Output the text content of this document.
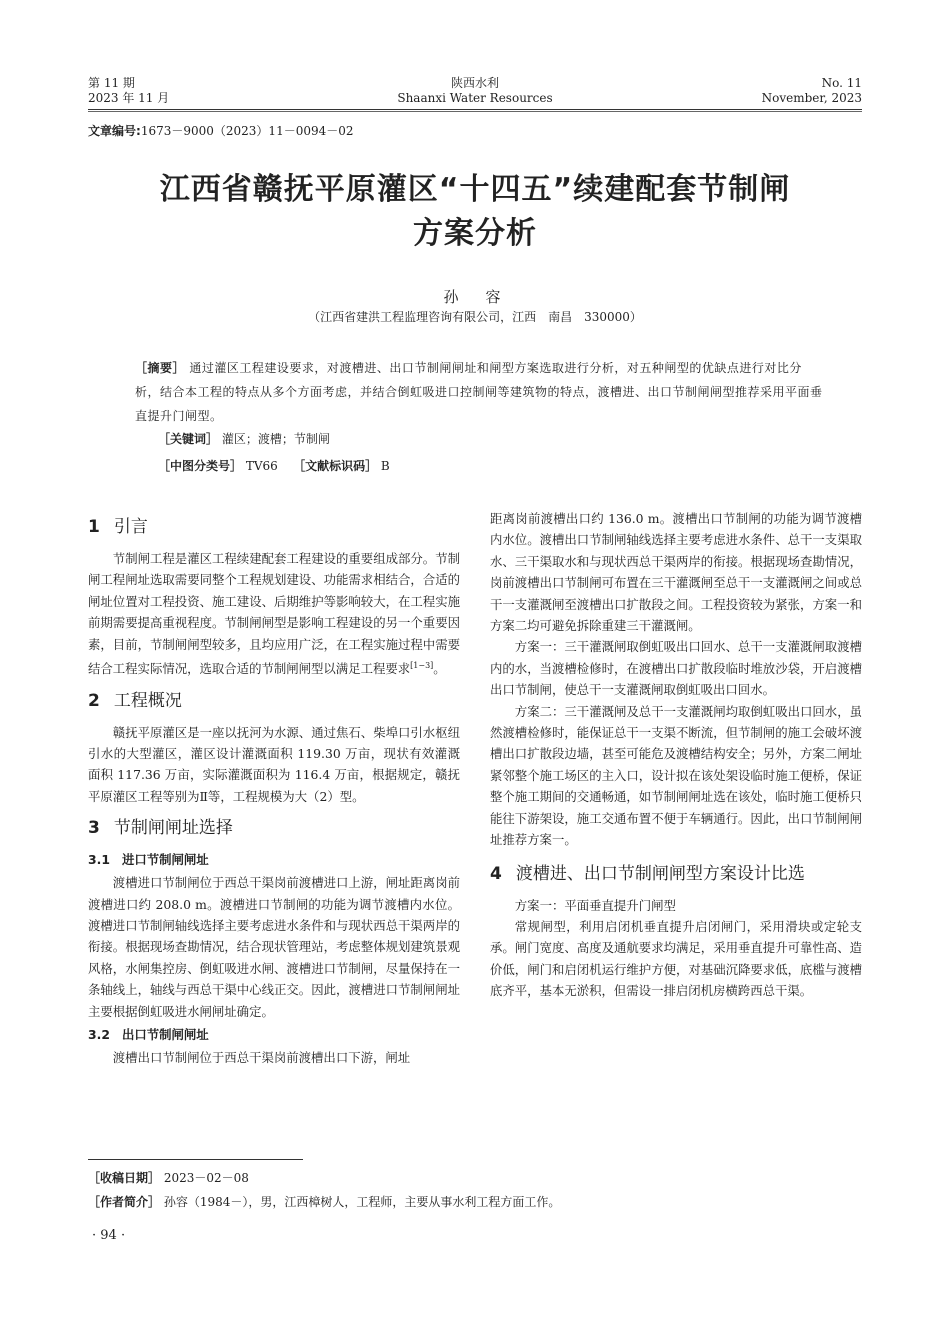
第 11 期
2023 年 11 月
陕西水利
Shaanxi Water Resources
No. 11
November, 2023
文章编号:1673－9000（2023）11－0094－02
江西省赣抚平原灌区“十四五”续建配套节制闸
方案分析
孙　容
（江西省建洪工程监理咨询有限公司，江西　南昌　330000）
［摘要］ 通过灌区工程建设要求，对渡槽进、出口节制闸闸址和闸型方案选取进行分析，对五种闸型的优缺点进行对比分析，结合本工程的特点从多个方面考虑，并结合倒虹吸进口控制闸等建筑物的特点，渡槽进、出口节制闸闸型推荐采用平面垂直提升门闸型。
［关键词］ 灌区；渡槽；节制闸
［中图分类号］ TV66 ［文献标识码］ B
1 引言

节制闸工程是灌区工程续建配套工程建设的重要组成部分。节制闸工程闸址选取需要同整个工程规划建设、功能需求相结合，合适的闸址位置对工程投资、施工建设、后期维护等影响较大，在工程实施前期需要提高重视程度。节制闸闸型是影响工程建设的另一个重要因素，目前，节制闸闸型较多，且均应用广泛，在工程实施过程中需要结合工程实际情况，选取合适的节制闸闸型以满足工程要求[1−3]。

2 工程概况

赣抚平原灌区是一座以抚河为水源、通过焦石、柴埠口引水枢纽引水的大型灌区，灌区设计灌溉面积 119.30 万亩，现状有效灌溉面积 117.36 万亩，实际灌溉面积为 116.4 万亩，根据规定，赣抚平原灌区工程等别为Ⅱ等，工程规模为大（2）型。

3 节制闸闸址选择
3.1 进口节制闸闸址

渡槽进口节制闸位于西总干渠岗前渡槽进口上游，闸址距离岗前渡槽进口约 208.0 m。渡槽进口节制闸的功能为调节渡槽内水位。渡槽进口节制闸轴线选择主要考虑进水条件和与现状西总干渠两岸的衔接。根据现场查勘情况，结合现状管理站，考虑整体规划建筑景观风格，水闸集控房、倒虹吸进水闸、渡槽进口节制闸，尽量保持在一条轴线上，轴线与西总干渠中心线正交。因此，渡槽进口节制闸闸址主要根据倒虹吸进水闸闸址确定。

3.2 出口节制闸闸址

渡槽出口节制闸位于西总干渠岗前渡槽出口下游，闸址

距离岗前渡槽出口约 136.0 m。渡槽出口节制闸的功能为调节渡槽内水位。渡槽出口节制闸轴线选择主要考虑进水条件、总干一支渠取水、三干渠取水和与现状西总干渠两岸的衔接。根据现场查勘情况，岗前渡槽出口节制闸可布置在三干灌溉闸至总干一支灌溉闸之间或总干一支灌溉闸至渡槽出口扩散段之间。工程投资较为紧张，方案一和方案二均可避免拆除重建三干灌溉闸。

方案一：三干灌溉闸取倒虹吸出口回水、总干一支灌溉闸取渡槽内的水，当渡槽检修时，在渡槽出口扩散段临时堆放沙袋，开启渡槽出口节制闸，使总干一支灌溉闸取倒虹吸出口回水。

方案二：三干灌溉闸及总干一支灌溉闸均取倒虹吸出口回水，虽然渡槽检修时，能保证总干一支渠不断流，但节制闸的施工会破坏渡槽出口扩散段边墙，甚至可能危及渡槽结构安全；另外，方案二闸址紧邻整个施工场区的主入口，设计拟在该处架设临时施工便桥，保证整个施工期间的交通畅通，如节制闸闸址选在该处，临时施工便桥只能往下游架设，施工交通布置不便于车辆通行。因此，出口节制闸闸址推荐方案一。

4 渡槽进、出口节制闸闸型方案设计比选

方案一：平面垂直提升门闸型

常规闸型，利用启闭机垂直提升启闭闸门，采用滑块或定轮支承。闸门宽度、高度及通航要求均满足，采用垂直提升可靠性高、造价低，闸门和启闭机运行维护方便，对基础沉降要求低，底槛与渡槽底齐平，基本无淤积，但需设一排启闭机房横跨西总干渠。

［收稿日期］ 2023－02－08
［作者简介］ 孙容（1984－），男，江西樟树人，工程师，主要从事水利工程方面工作。
· 94 ·
